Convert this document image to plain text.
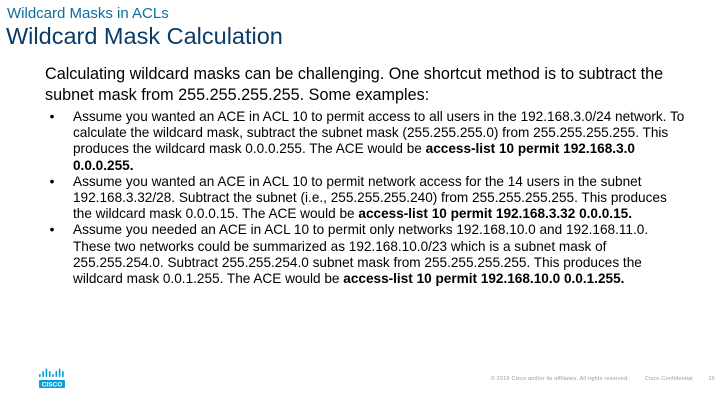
Wildcard Masks in ACLs
Wildcard Mask Calculation
Calculating wildcard masks can be challenging. One shortcut method is to subtract the subnet mask from 255.255.255.255. Some examples:
•	Assume you wanted an ACE in ACL 10 to permit access to all users in the 192.168.3.0/24 network. To calculate the wildcard mask, subtract the subnet mask (255.255.255.0) from 255.255.255.255. This produces the wildcard mask 0.0.0.255. The ACE would be access-list 10 permit 192.168.3.0 0.0.0.255.
•	Assume you wanted an ACE in ACL 10 to permit network access for the 14 users in the subnet 192.168.3.32/28. Subtract the subnet (i.e., 255.255.255.240) from 255.255.255.255. This produces the wildcard mask 0.0.0.15. The ACE would be access-list 10 permit 192.168.3.32 0.0.0.15.
•	Assume you needed an ACE in ACL 10 to permit only networks 192.168.10.0 and 192.168.11.0. These two networks could be summarized as 192.168.10.0/23 which is a subnet mask of 255.255.254.0. Subtract 255.255.254.0 subnet mask from 255.255.255.255. This produces the wildcard mask 0.0.1.255. The ACE would be access-list 10 permit 192.168.10.0 0.0.1.255.
CISCO
© 2016 Cisco and/or its affiliates. All rights reserved.	Cisco Confidential	15
